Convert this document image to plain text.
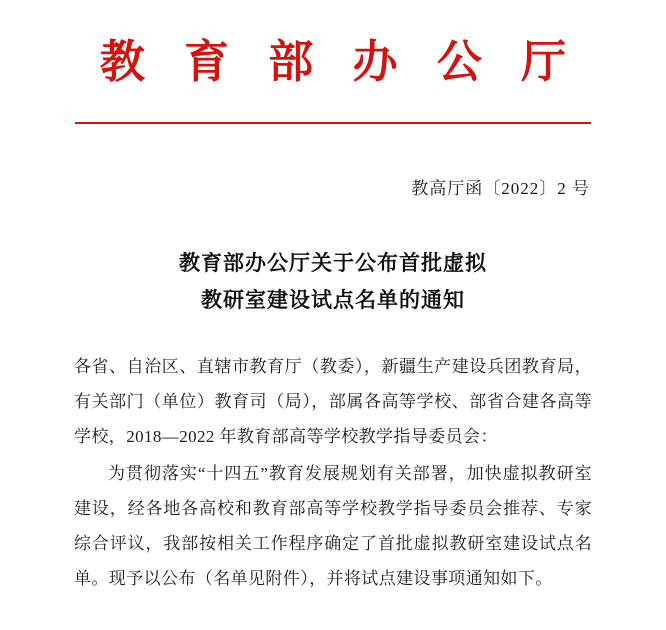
教 育 部 办 公 厅
教高厅函〔2022〕2 号
教育部办公厅关于公布首批虚拟
教研室建设试点名单的通知

各省、自治区、直辖市教育厅（教委），新疆生产建设兵团教育局，有关部门（单位）教育司（局），部属各高等学校、部省合建各高等学校，2018—2022 年教育部高等学校教学指导委员会：

为贯彻落实“十四五”教育发展规划有关部署，加快虚拟教研室建设，经各地各高校和教育部高等学校教学指导委员会推荐、专家综合评议，我部按相关工作程序确定了首批虚拟教研室建设试点名单。现予以公布（名单见附件），并将试点建设事项通知如下。
